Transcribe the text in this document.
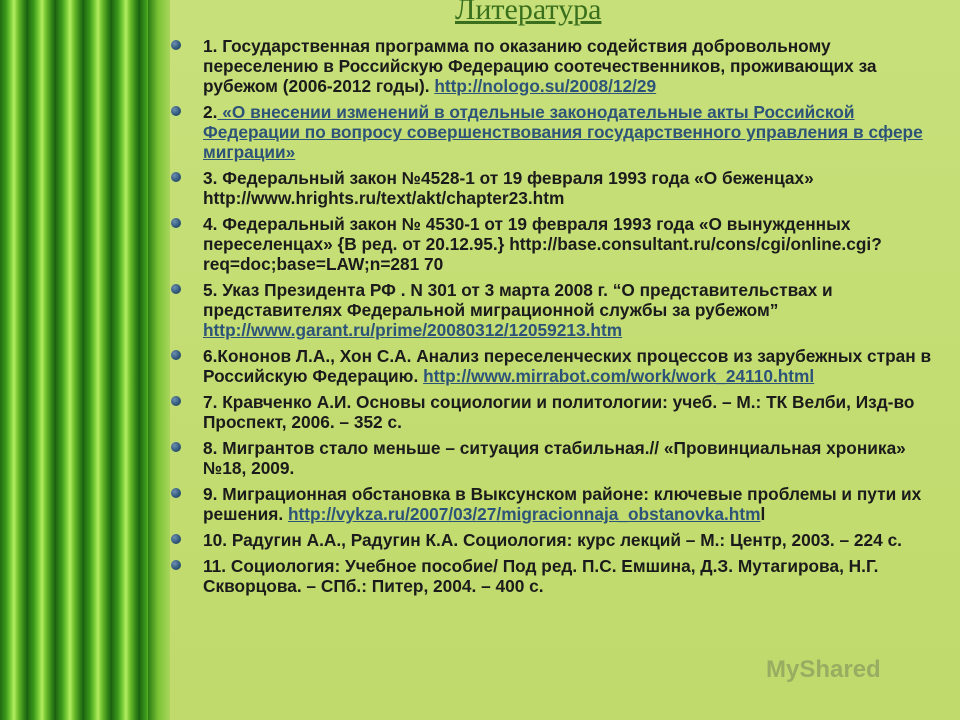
Литература
1. Государственная программа по оказанию содействия добровольному переселению в Российскую Федерацию соотечественников, проживающих за рубежом (2006-2012 годы). http://nologo.su/2008/12/29
2. «О внесении изменений в отдельные законодательные акты Российской Федерации по вопросу совершенствования государственного управления в сфере миграции»
3. Федеральный закон №4528-1 от 19 февраля 1993 года «О беженцах» http://www.hrights.ru/text/akt/chapter23.htm
4. Федеральный закон № 4530-1 от 19 февраля 1993 года «О вынужденных переселенцах» {В ред. от 20.12.95.} http://base.consultant.ru/cons/cgi/online.cgi?req=doc;base=LAW;n=281 70
5. Указ Президента РФ . N 301 от 3 марта 2008 г. “О представительствах и представителях Федеральной миграционной службы за рубежом” http://www.garant.ru/prime/20080312/12059213.htm
6.Кононов Л.А., Хон С.А. Анализ переселенческих процессов из зарубежных стран в Российскую Федерацию. http://www.mirrabot.com/work/work_24110.html
7. Кравченко А.И. Основы социологии и политологии: учеб. – М.: ТК Велби, Изд-во Проспект, 2006. – 352 с.
8. Мигрантов стало меньше – ситуация стабильная.// «Провинциальная хроника» №18, 2009.
9. Миграционная обстановка в Выксунском районе: ключевые проблемы и пути их решения. http://vykza.ru/2007/03/27/migracionnaja_obstanovka.html
10. Радугин А.А., Радугин К.А. Социология: курс лекций – М.: Центр, 2003. – 224 с.
11. Социология: Учебное пособие/ Под ред. П.С. Емшина, Д.З. Мутагирова, Н.Г. Скворцова. – СПб.: Питер, 2004. – 400 с.
MyShared
